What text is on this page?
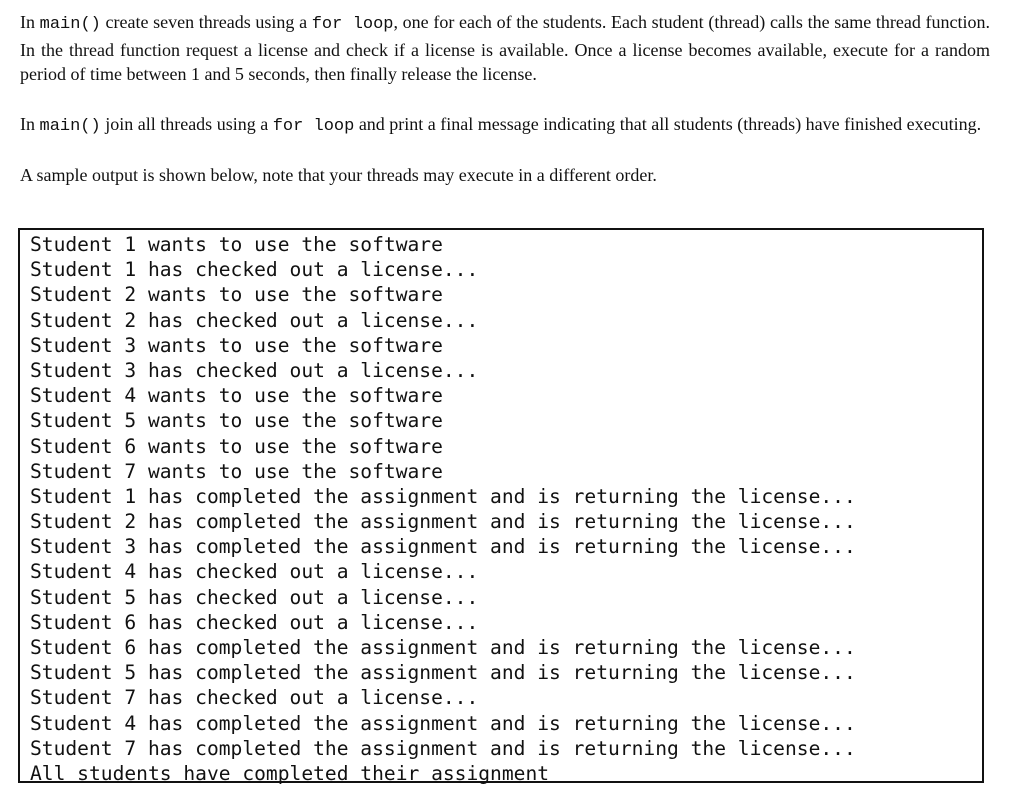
In main() create seven threads using a for loop, one for each of the students. Each student (thread) calls the same thread function. In the thread function request a license and check if a license is available. Once a license becomes available, execute for a random period of time between 1 and 5 seconds, then finally release the license.

In main() join all threads using a for loop and print a final message indicating that all students (threads) have finished executing.

A sample output is shown below, note that your threads may execute in a different order.

Student 1 wants to use the software
Student 1 has checked out a license...
Student 2 wants to use the software
Student 2 has checked out a license...
Student 3 wants to use the software
Student 3 has checked out a license...
Student 4 wants to use the software
Student 5 wants to use the software
Student 6 wants to use the software
Student 7 wants to use the software
Student 1 has completed the assignment and is returning the license...
Student 2 has completed the assignment and is returning the license...
Student 3 has completed the assignment and is returning the license...
Student 4 has checked out a license...
Student 5 has checked out a license...
Student 6 has checked out a license...
Student 6 has completed the assignment and is returning the license...
Student 5 has completed the assignment and is returning the license...
Student 7 has checked out a license...
Student 4 has completed the assignment and is returning the license...
Student 7 has completed the assignment and is returning the license...
All students have completed their assignment
